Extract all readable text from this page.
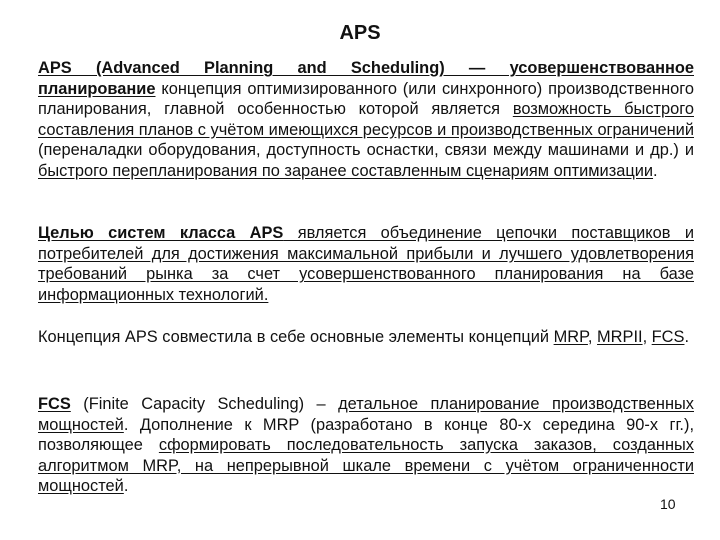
APS
APS (Advanced Planning and Scheduling) — усовершенствованное планирование концепция оптимизированного (или синхронного) производственного планирования, главной особенностью которой является возможность быстрого составления планов с учётом имеющихся ресурсов и производственных ограничений (переналадки оборудования, доступность оснастки, связи между машинами и др.) и быстрого перепланирования по заранее составленным сценариям оптимизации.
Целью систем класса APS является объединение цепочки поставщиков и потребителей для достижения максимальной прибыли и лучшего удовлетворения требований рынка за счет усовершенствованного планирования на базе информационных технологий.
Концепция APS совместила в себе основные элементы концепций MRP, MRPII, FCS.
FCS (Finite Capacity Scheduling) – детальное планирование производственных мощностей. Дополнение к MRP (разработано в конце 80-х середина 90-х гг.), позволяющее сформировать последовательность запуска заказов, созданных алгоритмом MRP, на непрерывной шкале времени с учётом ограниченности мощностей.
10
